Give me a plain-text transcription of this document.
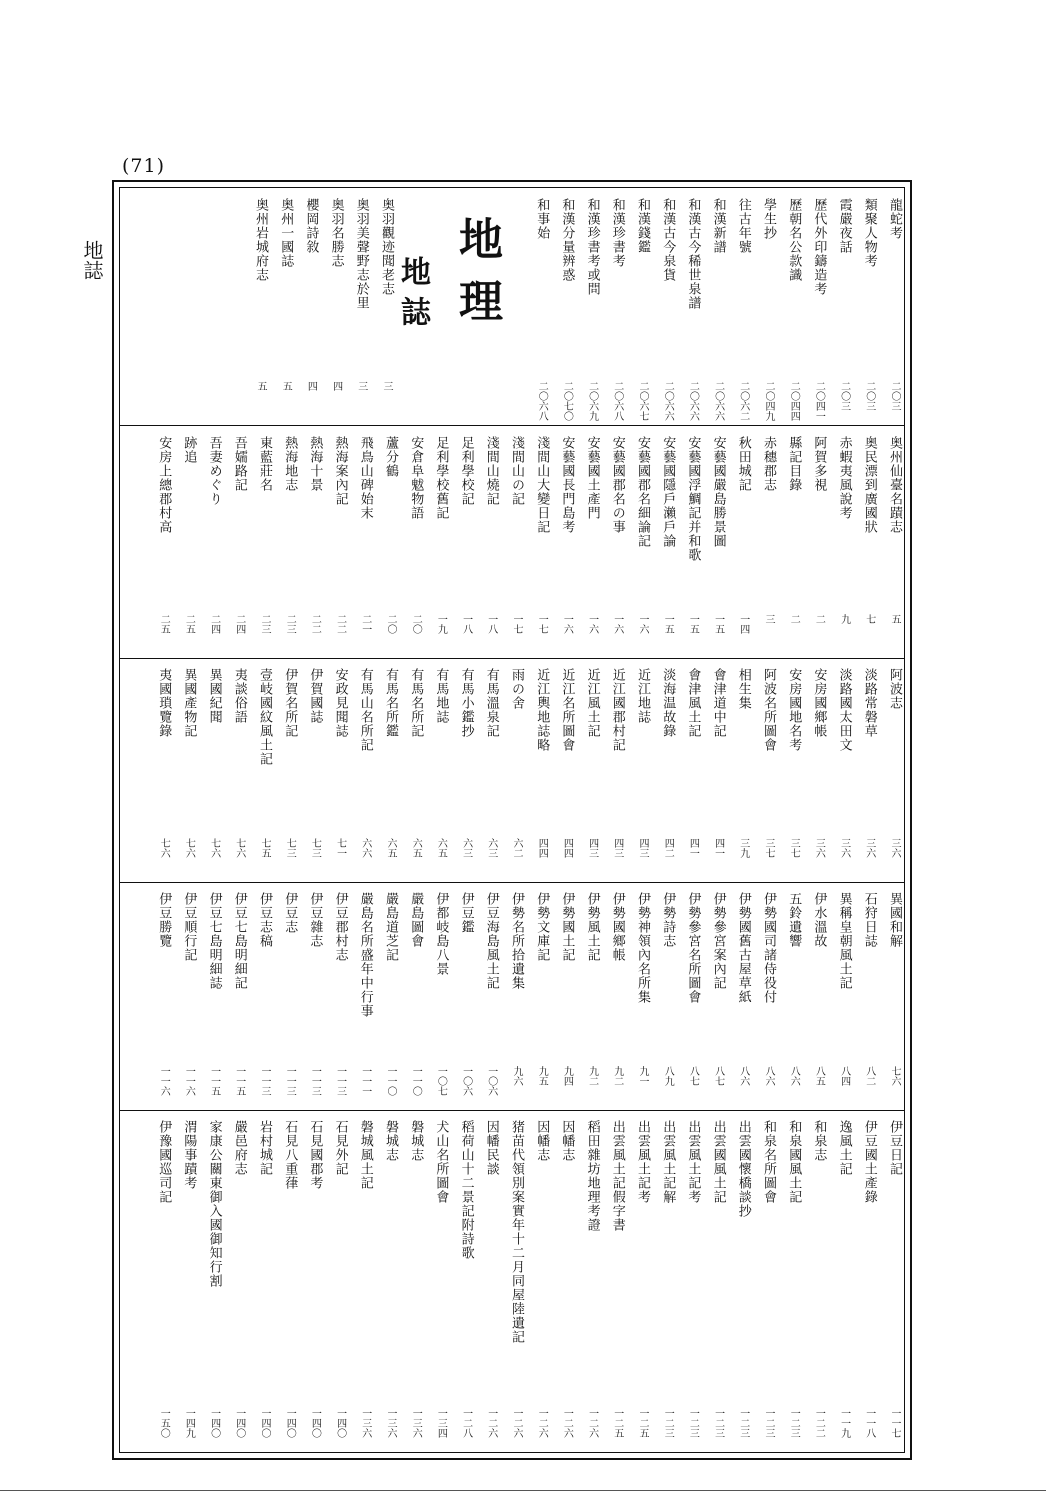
(71)
地誌
龍蛇考
二〇三
類聚人物考
二〇三
霞嚴夜話
二〇三
歷代外印鑄造考
二〇四一
歷朝名公款識
二〇四四
學生抄
二〇四九
往古年號
二〇六二
和漢新譜
二〇六六
和漢古今稀世泉譜
二〇六六
和漢古今泉貨
二〇六六
和漢錢鑑
二〇六七
和漢珍書考
二〇六八
和漢珍書考或問
二〇六九
和漢分量辨惑
二〇七〇
和事始
二〇六八
地理
地誌
奥羽觀迹聞老志
三
奥羽美聲野志於里
三
奥羽名勝志
四
櫻岡詩敘
四
奥州一國誌
五
奥州岩城府志
五
奥州仙臺名蹟志
五
奥民漂到廣國狀
七
赤蝦夷風說考
九
阿賀多視
二
縣記目錄
二
赤穗郡志
三
秋田城記
一四
安藝國嚴島勝景圖
一五
安藝國浮鯛記并和歌
一五
安藝國隱戶瀨戶論
一五
安藝國郡名細論記
一六
安藝國郡名の事
一六
安藝國土產門
一六
安藝國長門島考
一六
淺間山大變日記
一七
淺間山の記
一七
淺間山燒記
一八
足利學校記
一八
足利學校舊記
一九
安倉阜魃物語
二〇
蘆分鶴
二〇
飛鳥山碑始末
二一
熱海案內記
二二
熱海十景
二二
熱海地志
二三
東藍莊名
二三
吾嬬路記
二四
吾妻めぐり
二四
跡追
二五
安房上總郡村高
二五
阿波志
三六
淡路常磐草
三六
淡路國太田文
三六
安房國鄉帳
三六
安房國地名考
三七
阿波名所圖會
三七
相生集
三九
會津道中記
四一
會津風土記
四一
淡海温故錄
四二
近江地誌
四三
近江國郡村記
四三
近江風土記
四三
近江名所圖會
四四
近江輿地誌略
四四
雨の舍
六二
有馬溫泉記
六三
有馬小鑑抄
六三
有馬地誌
六五
有馬名所記
六五
有馬名所鑑
六五
有馬山名所記
六六
安政見聞誌
七一
伊賀國誌
七三
伊賀名所記
七三
壹岐國紋風土記
七五
夷談俗語
七六
異國紀聞
七六
異國產物記
七六
夷國瑣覽錄
七六
異國和解
七六
石狩日誌
八二
異稱皇朝風土記
八四
伊水溫故
八五
五鈴遺響
八六
伊勢國司諸侍役付
八六
伊勢國舊古屋草紙
八六
伊勢參宮案內記
八七
伊勢參宮名所圖會
八七
伊勢詩志
八九
伊勢神領內名所集
九一
伊勢國鄉帳
九二
伊勢風土記
九二
伊勢國土記
九四
伊勢文庫記
九五
伊勢名所拾遺集
九六
伊豆海島風土記
一〇六
伊豆鑑
一〇六
伊都岐島八景
一〇七
嚴島圖會
一一〇
嚴島道芝記
一一〇
嚴島名所盛年中行事
一一一
伊豆郡村志
一一三
伊豆雜志
一一三
伊豆志
一一三
伊豆志稿
一一三
伊豆七島明細記
一一五
伊豆七島明細誌
一一五
伊豆順行記
一一六
伊豆勝覽
一一六
伊豆日記
一一七
伊豆國土產錄
一一八
逸風土記
一一九
和泉志
一二二
和泉國風土記
一二三
和泉名所圖會
一二三
出雲國懷橋談抄
一二三
出雲國風土記
一二三
出雲風土記考
一二三
出雲風土記解
一二三
出雲風土記考
一二五
出雲風土記假字書
一二五
稻田雜坊地理考證
一二六
因幡志
一二六
因幡志
一二六
猪苗代領別案實年十二月同屋陸遺記
一二六
因幡民談
一二六
稻荷山十二景記附詩歌
一二八
犬山名所圖會
一三四
磐城志
一三六
磐城志
一三六
磐城風土記
一三六
石見外記
一四〇
石見國郡考
一四〇
石見八重葎
一四〇
岩村城記
一四〇
嚴邑府志
一四〇
家康公關東御入國御知行割
一四〇
渭陽事蹟考
一四九
伊豫國巡司記
一五〇
